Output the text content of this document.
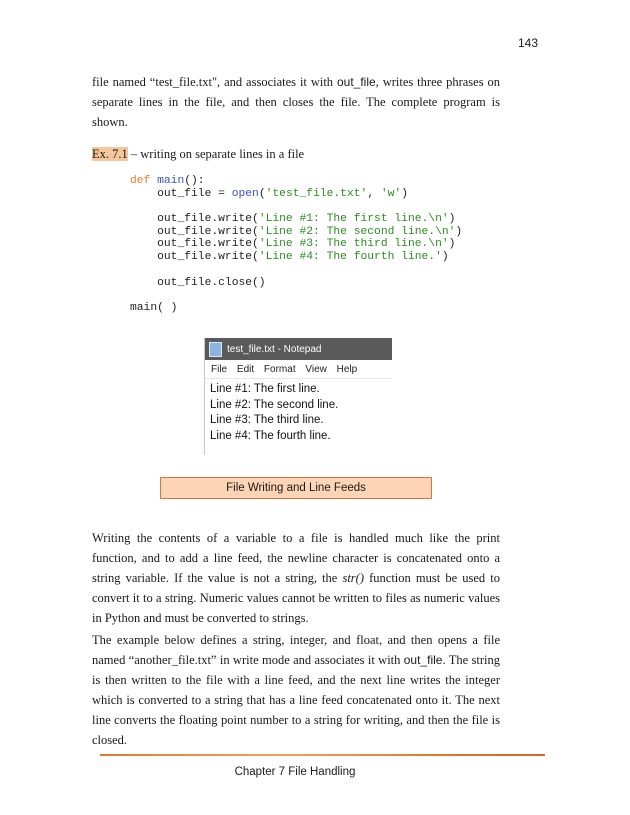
143

file named “test_file.txt", and associates it with out_file, writes three phrases on separate lines in the file, and then closes the file. The complete program is shown.

Ex. 7.1 – writing on separate lines in a file
def main():
out_file = open('test_file.txt', 'w')
out_file.write('Line #1: The first line.\n')
out_file.write('Line #2: The second line.\n')
out_file.write('Line #3: The third line.\n')
out_file.write('Line #4: The fourth line.')
out_file.close()
main( )
test_file.txt - Notepad
File Edit Format View Help
Line #1: The first line.
Line #2: The second line.
Line #3: The third line.
Line #4: The fourth line.
File Writing and Line Feeds

Writing the contents of a variable to a file is handled much like the print function, and to add a line feed, the newline character is concatenated onto a string variable. If the value is not a string, the str() function must be used to convert it to a string. Numeric values cannot be written to files as numeric values in Python and must be converted to strings.

The example below defines a string, integer, and float, and then opens a file named “another_file.txt” in write mode and associates it with out_file. The string is then written to the file with a line feed, and the next line writes the integer which is converted to a string that has a line feed concatenated onto it. The next line converts the floating point number to a string for writing, and then the file is closed.

Chapter 7 File Handling
